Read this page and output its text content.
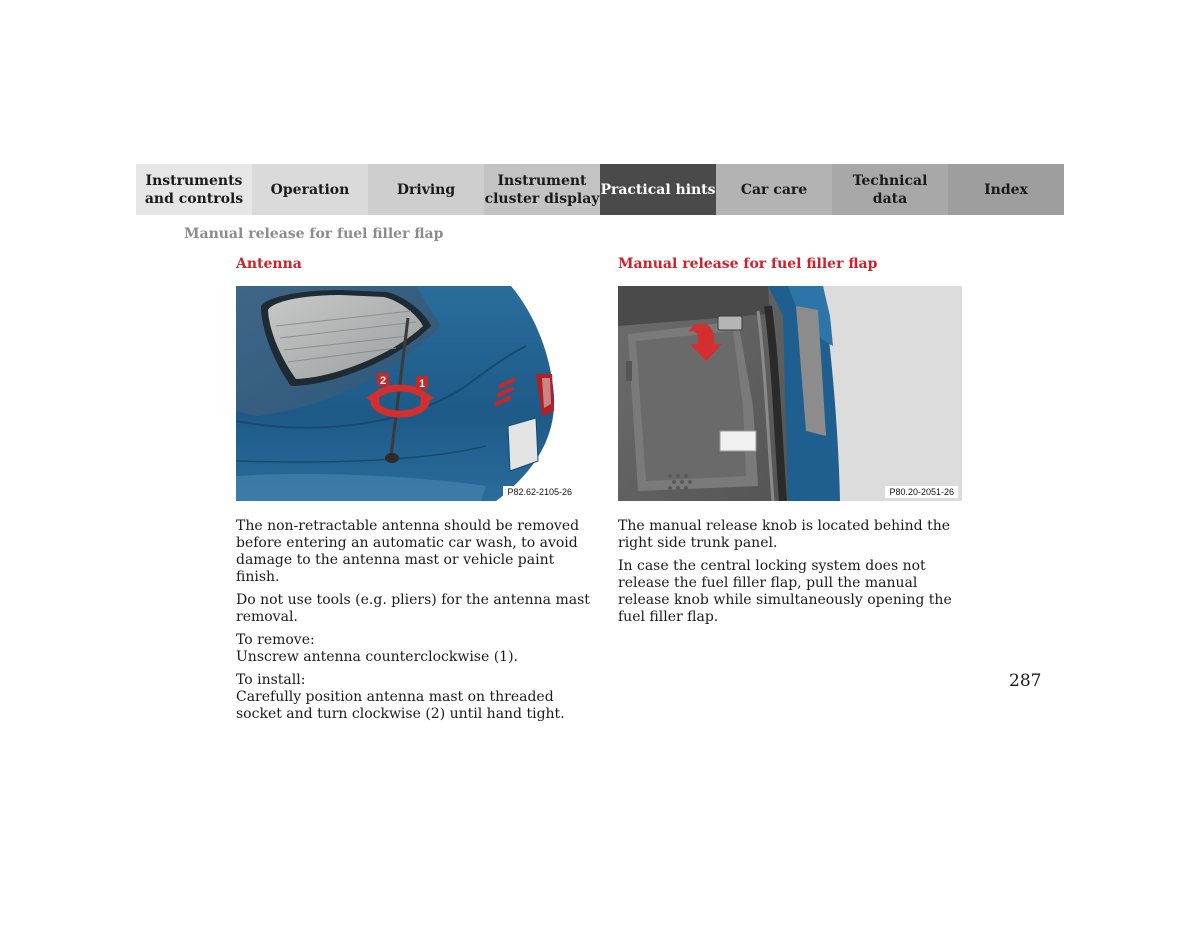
Instruments
and controls
Operation	Driving
Instrument
cluster display
Practical hints	Car care
Technical
data
Index
Manual release for fuel filler flap
Antenna
2	1
P82.62-2105-26

The non-retractable antenna should be removed before entering an automatic car wash, to avoid damage to the antenna mast or vehicle paint finish.

Do not use tools (e.g. pliers) for the antenna mast removal.

To remove:
Unscrew antenna counterclockwise (1).

To install:
Carefully position antenna mast on threaded socket and turn clockwise (2) until hand tight.

Manual release for fuel filler flap
P80.20-2051-26

The manual release knob is located behind the right side trunk panel.

In case the central locking system does not release the fuel filler flap, pull the manual release knob while simultaneously opening the fuel filler flap.

287
